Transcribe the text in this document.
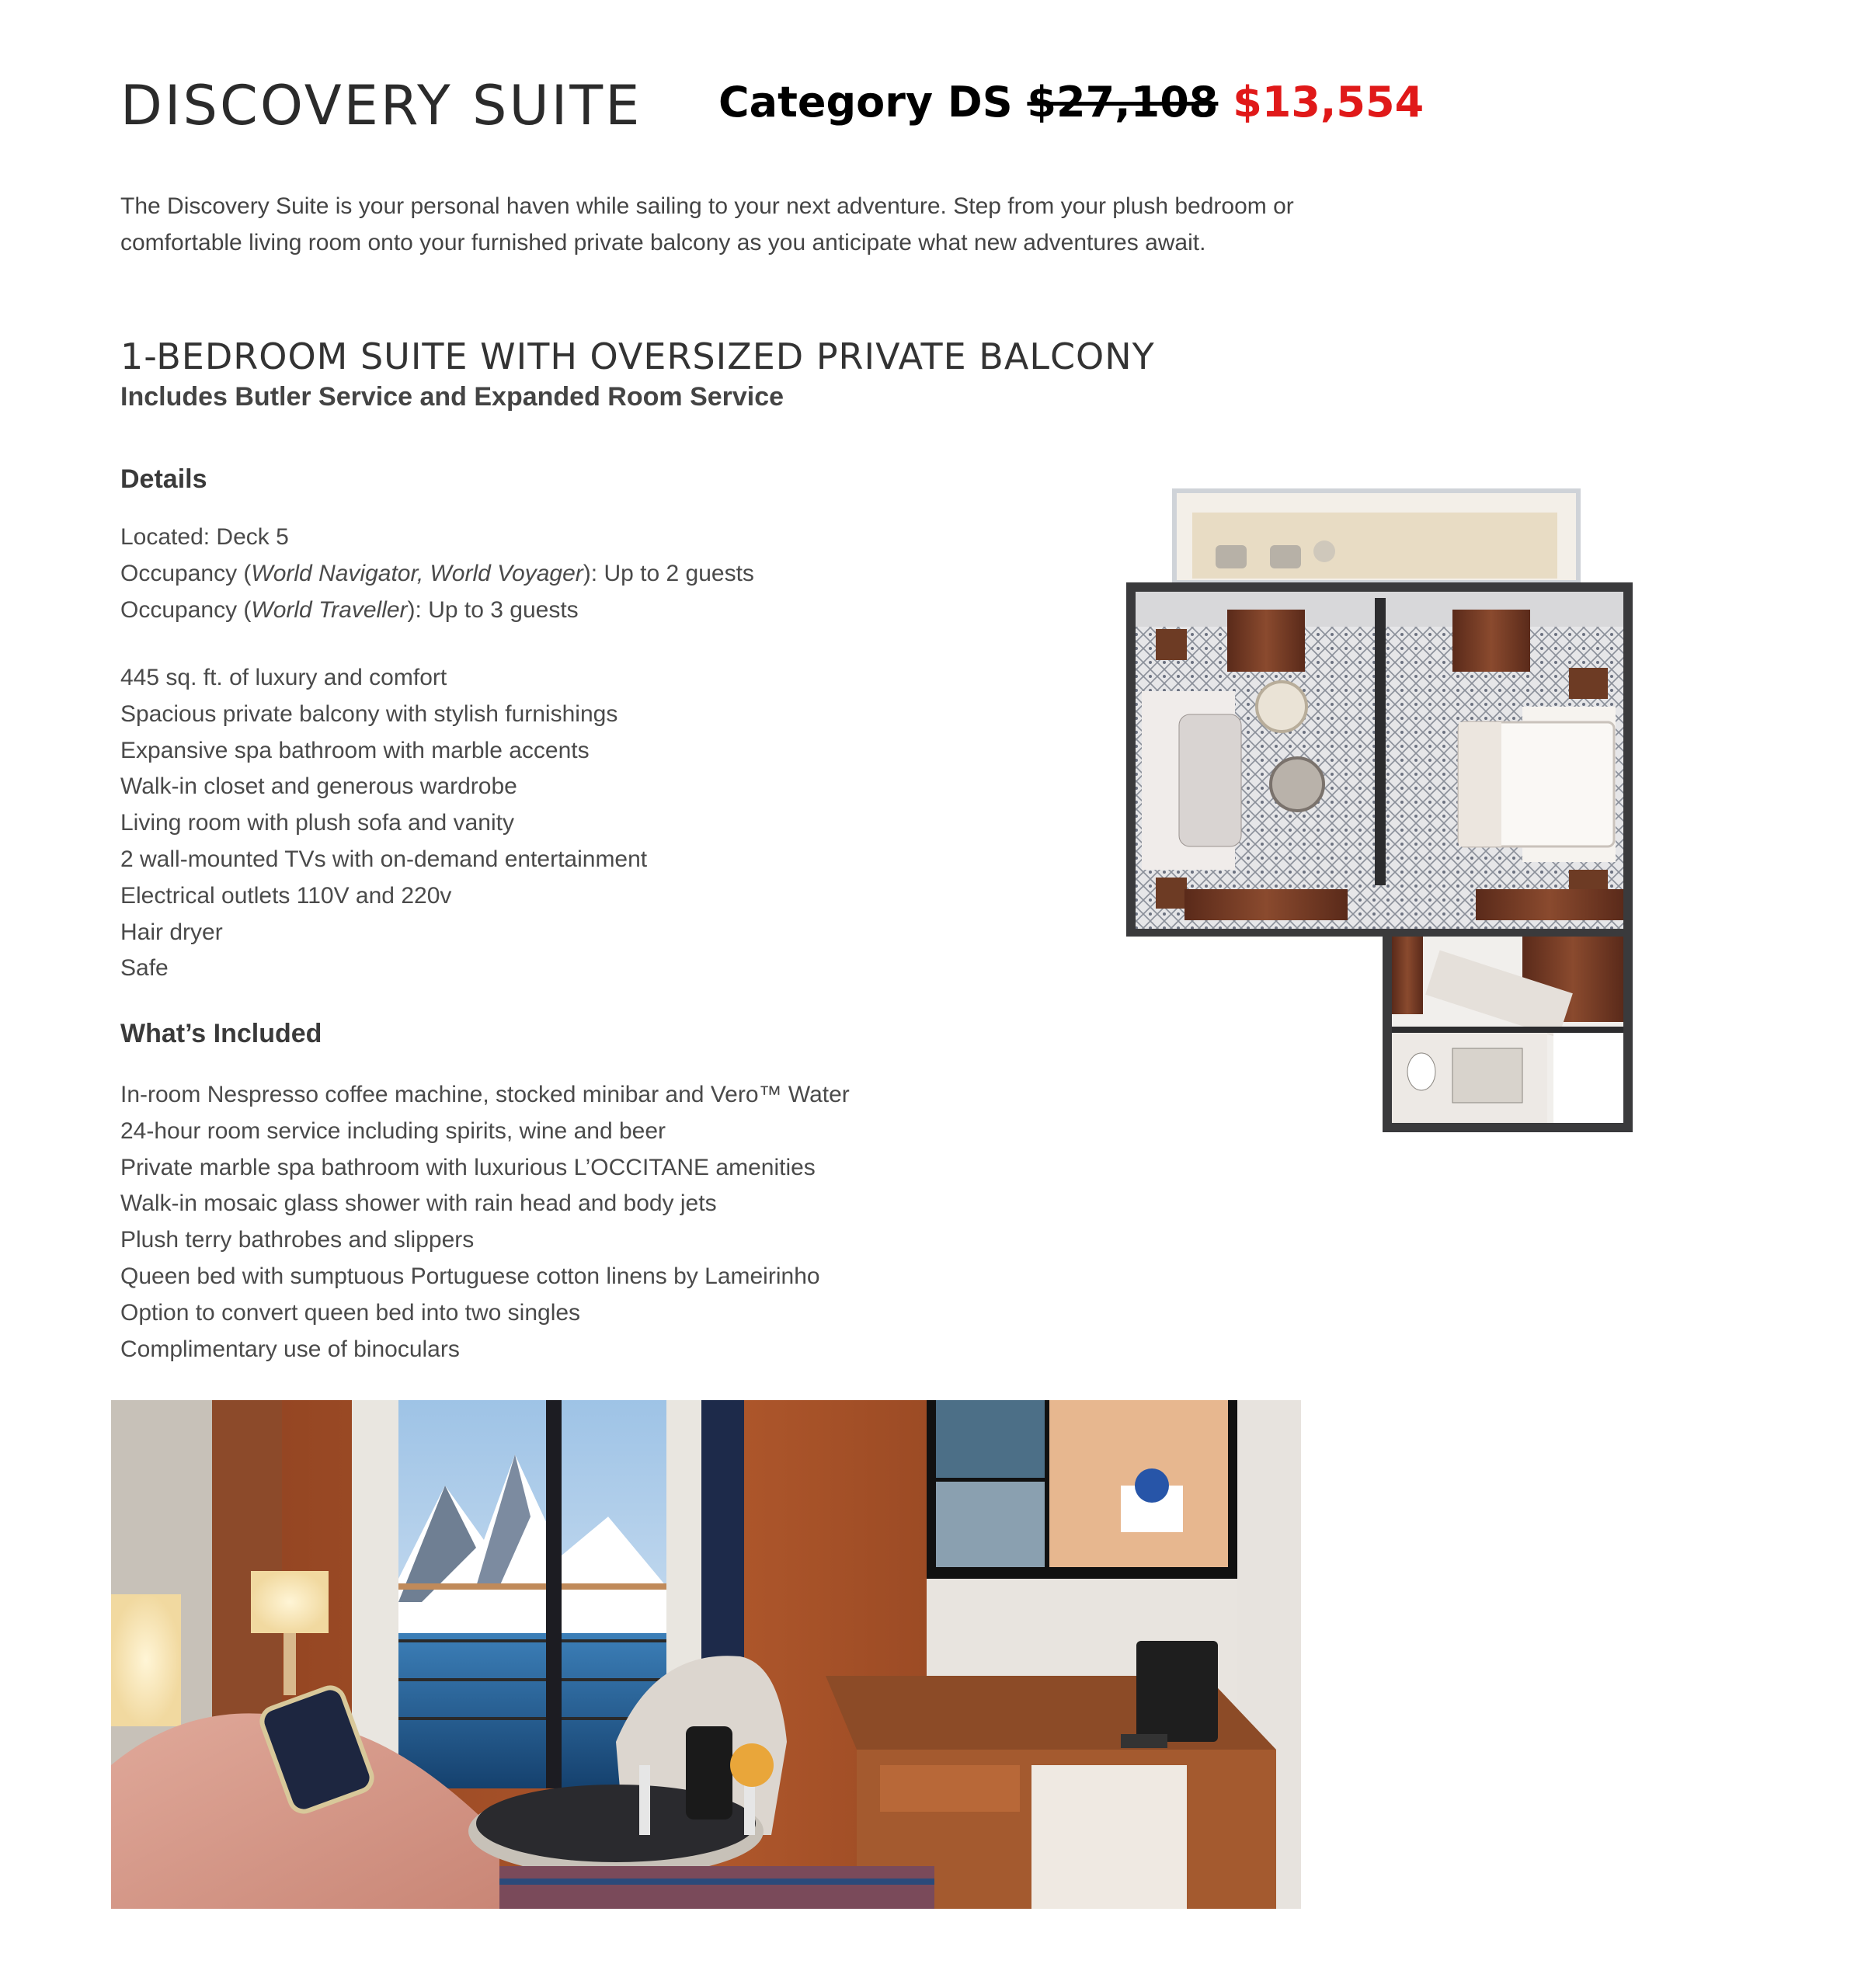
DISCOVERY SUITE Category DS $27,108 $13,554

The Discovery Suite is your personal haven while sailing to your next adventure. Step from your plush bedroom or

comfortable living room onto your furnished private balcony as you anticipate what new adventures await.

1-BEDROOM SUITE WITH OVERSIZED PRIVATE BALCONY
Includes Butler Service and Expanded Room Service
Details
Located: Deck 5
Occupancy (World Navigator, World Voyager): Up to 2 guests
Occupancy (World Traveller): Up to 3 guests
445 sq. ft. of luxury and comfort
Spacious private balcony with stylish furnishings
Expansive spa bathroom with marble accents
Walk-in closet and generous wardrobe
Living room with plush sofa and vanity
2 wall-mounted TVs with on-demand entertainment
Electrical outlets 110V and 220v
Hair dryer
Safe
What’s Included
In-room Nespresso coffee machine, stocked minibar and Vero™ Water
24-hour room service including spirits, wine and beer
Private marble spa bathroom with luxurious L’OCCITANE amenities
Walk-in mosaic glass shower with rain head and body jets
Plush terry bathrobes and slippers
Queen bed with sumptuous Portuguese cotton linens by Lameirinho
Option to convert queen bed into two singles
Complimentary use of binoculars
